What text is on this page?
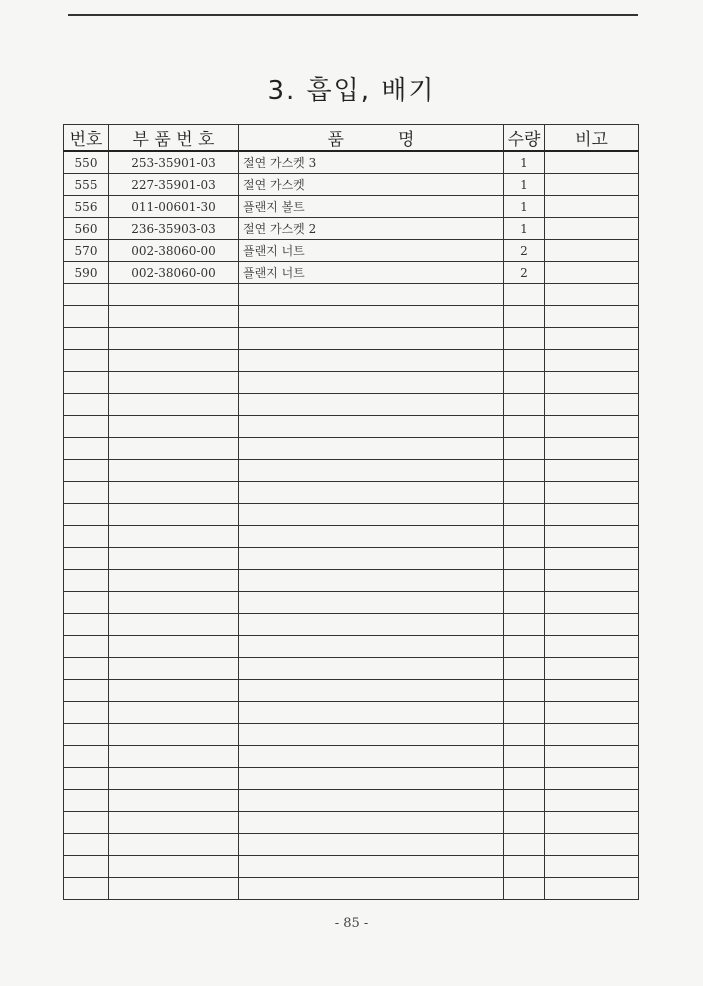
3. 흡입, 배기
번호	부 품 번 호	품          명	수량	비고
550	253-35901-03	절연 가스켓 3	1	
555	227-35901-03	절연 가스켓	1	
556	011-00601-30	플랜지 볼트	1	
560	236-35903-03	절연 가스켓 2	1	
570	002-38060-00	플랜지 너트	2	
590	002-38060-00	플랜지 너트	2	

- 85 -
